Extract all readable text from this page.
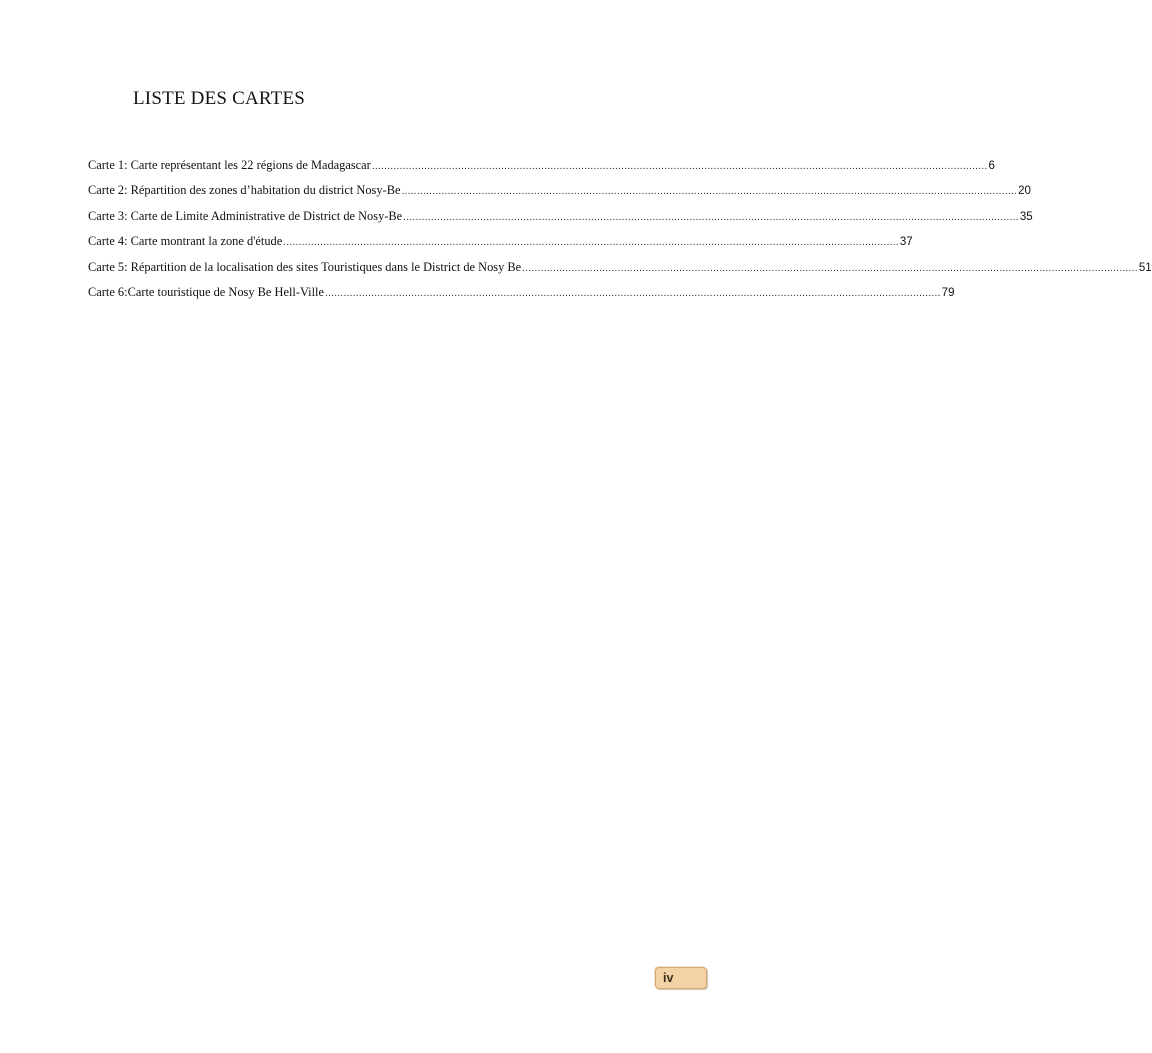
LISTE DES CARTES
Carte 1: Carte représentant les 22 régions de Madagascar ........................................................................................................................................................................................................ 6
Carte 2: Répartition des zones d’habitation du district Nosy-Be ........................................................................................................................................................................................................ 20
Carte 3: Carte de Limite Administrative de District de Nosy-Be ........................................................................................................................................................................................................ 35
Carte 4: Carte montrant la zone d'étude ........................................................................................................................................................................................................ 37
Carte 5: Répartition de la localisation des sites Touristiques dans le District de Nosy Be ........................................................................................................................................................................................................ 51
Carte 6:Carte touristique de Nosy Be Hell-Ville ........................................................................................................................................................................................................ 79
iv
